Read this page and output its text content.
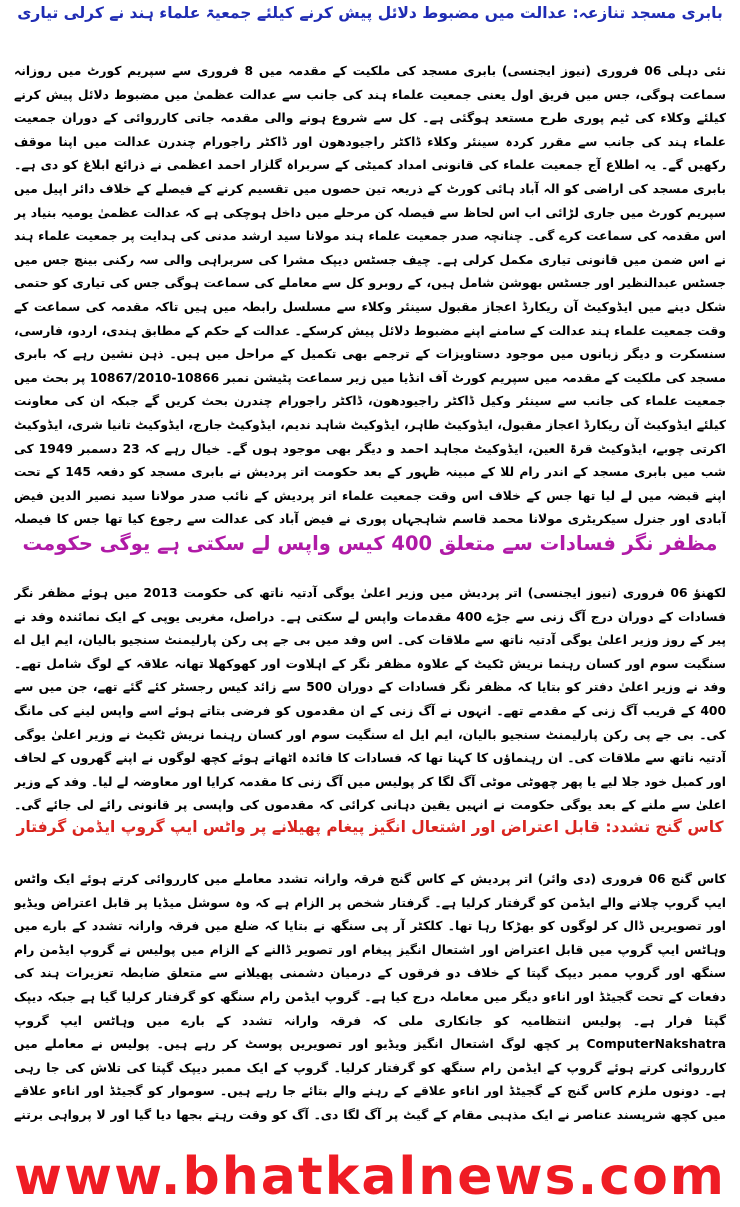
بابری مسجد تنازعہ: عدالت میں مضبوط دلائل پیش کرنے کیلئے جمعیۃ علماء ہند نے کرلی تیاری

نئی دہلی 06 فروری (نیوز ایجنسی) بابری مسجد کی ملکیت کے مقدمہ میں 8 فروری سے سپریم کورٹ میں روزانہ سماعت ہوگی، جس میں فریق اول یعنی جمعیت علماء ہند کی جانب سے عدالت عظمیٰ میں مضبوط دلائل پیش کرنے کیلئے وکلاء کی ٹیم پوری طرح مستعد ہوگئی ہے۔ کل سے شروع ہونے والی مقدمہ جاتی کارروائی کے دوران جمعیت علماء ہند کی جانب سے مقرر کردہ سینئر وکلاء ڈاکٹر راجیودھون اور ڈاکٹر راجورام چندرن عدالت میں اپنا موقف رکھیں گے۔ یہ اطلاع آج جمعیت علماء کی قانونی امداد کمیٹی کے سربراہ گلزار احمد اعظمی نے ذرائع ابلاغ کو دی ہے۔ بابری مسجد کی اراضی کو الہ آباد ہائی کورٹ کے ذریعہ تین حصوں میں تقسیم کرنے کے فیصلے کے خلاف دائر اپیل میں سپریم کورٹ میں جاری لڑائی اب اس لحاظ سے فیصلہ کن مرحلے میں داخل ہوچکی ہے کہ عدالت عظمیٰ یومیہ بنیاد پر اس مقدمہ کی سماعت کرے گی۔ چنانچہ صدر جمعیت علماء ہند مولانا سید ارشد مدنی کی ہدایت پر جمعیت علماء ہند نے اس ضمن میں قانونی تیاری مکمل کرلی ہے۔ چیف جسٹس دیپک مشرا کی سربراہی والی سہ رکنی بینچ جس میں جسٹس عبدالنظیر اور جسٹس بھوشن شامل ہیں، کے روبرو کل سے معاملے کی سماعت ہوگی جس کی تیاری کو حتمی شکل دینے میں ایڈوکیٹ آن ریکارڈ اعجاز مقبول سینئر وکلاء سے مسلسل رابطہ میں ہیں تاکہ مقدمہ کی سماعت کے وقت جمعیت علماء ہند عدالت کے سامنے اپنے مضبوط دلائل پیش کرسکے۔ عدالت کے حکم کے مطابق ہندی، اردو، فارسی، سنسکرت و دیگر زبانوں میں موجود دستاویزات کے ترجمے بھی تکمیل کے مراحل میں ہیں۔ ذہن نشین رہے کہ بابری مسجد کی ملکیت کے مقدمہ میں سپریم کورٹ آف انڈیا میں زیر سماعت پٹیشن نمبر 10866-10867/2010 پر بحث میں جمعیت علماء کی جانب سے سینئر وکیل ڈاکٹر راجیودھون، ڈاکٹر راجورام چندرن بحث کریں گے جبکہ ان کی معاونت کیلئے ایڈوکیٹ آن ریکارڈ اعجاز مقبول، ایڈوکیٹ طاہر، ایڈوکیٹ شاہد ندیم، ایڈوکیٹ جارج، ایڈوکیٹ تانیا شری، ایڈوکیٹ اکرتی چوبے، ایڈوکیٹ قرۃ العین، ایڈوکیٹ مجاہد احمد و دیگر بھی موجود ہوں گے۔ خیال رہے کہ 23 دسمبر 1949 کی شب میں بابری مسجد کے اندر رام للا کے مبینہ ظہور کے بعد حکومت اتر پردیش نے بابری مسجد کو دفعہ 145 کے تحت اپنے قبضہ میں لے لیا تھا جس کے خلاف اس وقت جمعیت علماء اتر پردیش کے نائب صدر مولانا سید نصیر الدین فیض آبادی اور جنرل سیکریٹری مولانا محمد قاسم شاہجہاں پوری نے فیض آباد کی عدالت سے رجوع کیا تھا جس کا فیصلہ

مظفر نگر فسادات سے متعلق 400 کیس واپس لے سکتی ہے یوگی حکومت

لکھنؤ 06 فروری (نیوز ایجنسی) اتر پردیش میں وزیر اعلیٰ یوگی آدتیہ ناتھ کی حکومت 2013 میں ہوئے مظفر نگر فسادات کے دوران درج آگ زنی سے جڑے 400 مقدمات واپس لے سکتی ہے۔ دراصل، مغربی یوپی کے ایک نمائندہ وفد نے پیر کے روز وزیر اعلیٰ یوگی آدتیہ ناتھ سے ملاقات کی۔ اس وفد میں بی جے پی رکن پارلیمنٹ سنجیو بالیان، ایم ایل اے سنگیت سوم اور کسان رہنما نریش ٹکیٹ کے علاوہ مظفر نگر کے اہلاوت اور کھوکھلا تھانہ علاقہ کے لوگ شامل تھے۔ وفد نے وزیر اعلیٰ دفتر کو بتایا کہ مظفر نگر فسادات کے دوران 500 سے زائد کیس رجسٹر کئے گئے تھے، جن میں سے 400 کے قریب آگ زنی کے مقدمے تھے۔ انہوں نے آگ زنی کے ان مقدموں کو فرضی بتاتے ہوئے اسے واپس لینے کی مانگ کی۔ بی جے پی رکن پارلیمنٹ سنجیو بالیان، ایم ایل اے سنگیت سوم اور کسان رہنما نریش ٹکیٹ نے وزیر اعلیٰ یوگی آدتیہ ناتھ سے ملاقات کی۔ ان رہنماؤں کا کہنا تھا کہ فسادات کا فائدہ اٹھاتے ہوئے کچھ لوگوں نے اپنے گھروں کے لحاف اور کمبل خود جلا لیے یا پھر چھوٹی موٹی آگ لگا کر پولیس میں آگ زنی کا مقدمہ کرایا اور معاوضہ لے لیا۔ وفد کے وزیر اعلیٰ سے ملنے کے بعد یوگی حکومت نے انہیں یقین دہانی کرائی کہ مقدموں کی واپسی پر قانونی رائے لی جائے گی۔

کاس گنج تشدد: قابل اعتراض اور اشتعال انگیز پیغام پھیلانے پر واٹس ایپ گروپ ایڈمن گرفتار

کاس گنج 06 فروری (دی وائر) اتر پردیش کے کاس گنج فرقہ وارانہ تشدد معاملے میں کارروائی کرتے ہوئے ایک واٹس ایپ گروپ چلانے والے ایڈمن کو گرفتار کرلیا ہے۔ گرفتار شخص پر الزام ہے کہ وہ سوشل میڈیا پر قابل اعتراض ویڈیو اور تصویریں ڈال کر لوگوں کو بھڑکا رہا تھا۔ کلکٹر آر پی سنگھ نے بتایا کہ ضلع میں فرقہ وارانہ تشدد کے بارے میں وہاٹس ایپ گروپ میں قابل اعتراض اور اشتعال انگیز پیغام اور تصویر ڈالنے کے الزام میں پولیس نے گروپ ایڈمن رام سنگھ اور گروپ ممبر دیپک گپتا کے خلاف دو فرقوں کے درمیان دشمنی پھیلانے سے متعلق ضابطہ تعزیرات ہند کی دفعات کے تحت گجیٹڈ اور اناءو دیگر میں معاملہ درج کیا ہے۔ گروپ ایڈمن رام سنگھ کو گرفتار کرلیا گیا ہے جبکہ دیپک گپتا فرار ہے۔ پولیس انتظامیہ کو جانکاری ملی کہ فرقہ وارانہ تشدد کے بارے میں وہاٹس ایپ گروپ ComputerNakshatra پر کچھ لوگ اشتعال انگیز ویڈیو اور تصویریں پوسٹ کر رہے ہیں۔ پولیس نے معاملے میں کارروائی کرتے ہوئے گروپ کے ایڈمن رام سنگھ کو گرفتار کرلیا۔ گروپ کے ایک ممبر دیپک گپتا کی تلاش کی جا رہی ہے۔ دونوں ملزم کاس گنج کے گجیٹڈ اور اناءو علاقے کے رہنے والے بتائے جا رہے ہیں۔ سوموار کو گجیٹڈ اور اناءو علاقے میں کچھ شرپسند عناصر نے ایک مذہبی مقام کے گیٹ پر آگ لگا دی۔ آگ کو وقت رہتے بجھا دیا گیا اور لا پرواہی برتنے

www.bhatkalnews.com
